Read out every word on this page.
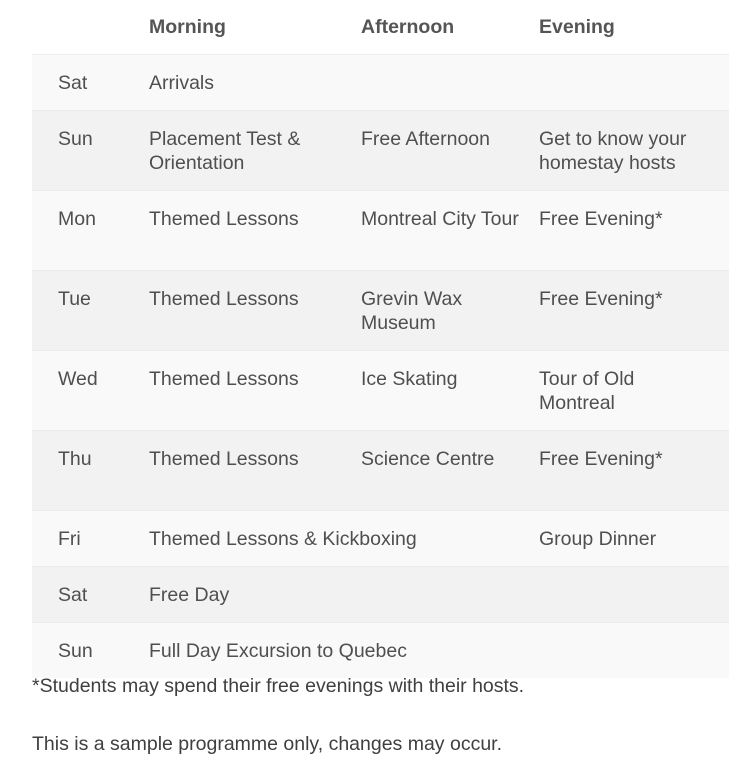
	Morning	Afternoon	Evening
Sat	Arrivals		
Sun	Placement Test & Orientation	Free Afternoon	Get to know your homestay hosts
Mon	Themed Lessons	Montreal City Tour	Free Evening*
Tue	Themed Lessons	Grevin Wax Museum	Free Evening*
Wed	Themed Lessons	Ice Skating	Tour of Old Montreal
Thu	Themed Lessons	Science Centre	Free Evening*
Fri	Themed Lessons & Kickboxing		Group Dinner
Sat	Free Day		
Sun	Full Day Excursion to Quebec		
*Students may spend their free evenings with their hosts.
This is a sample programme only, changes may occur.
